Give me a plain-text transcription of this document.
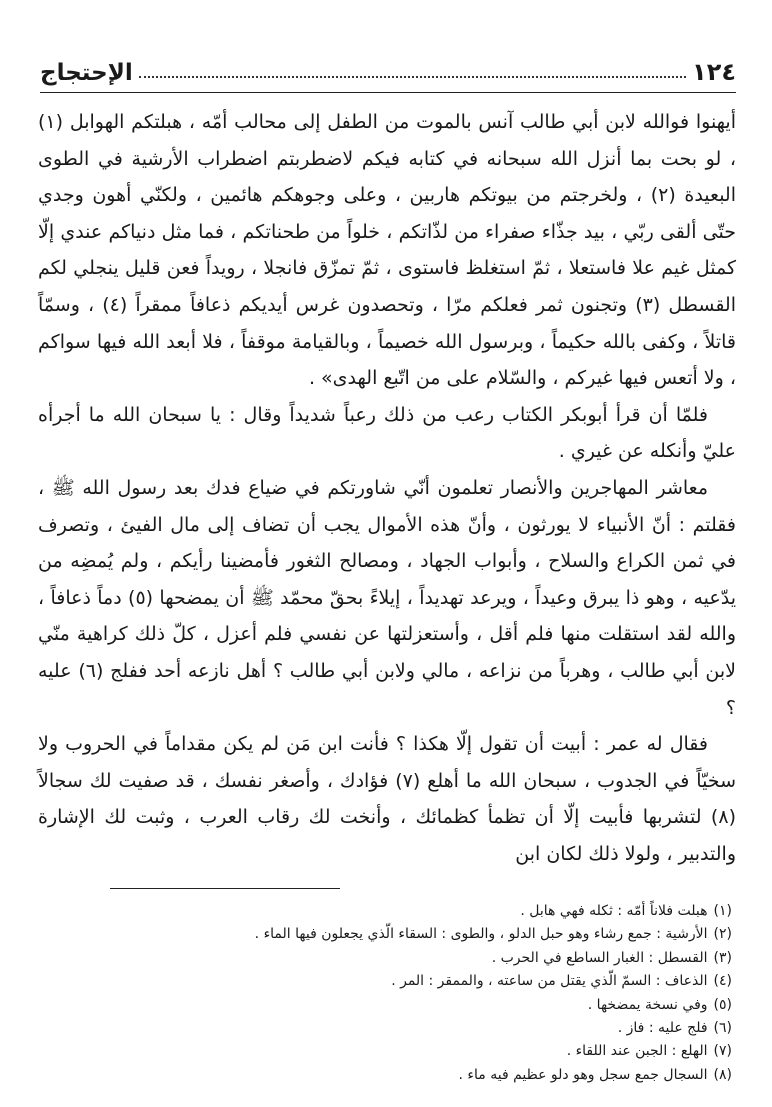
١٢٤
الإحتجاج

أيهنوا فوالله لابن أبي طالب آنس بالموت من الطفل إلى محالب أمّه ، هبلتكم الهوابل (١) ، لو بحت بما أنزل الله سبحانه في كتابه فيكم لاضطربتم اضطراب الأرشية في الطوى البعيدة (٢) ، ولخرجتم من بيوتكم هاربين ، وعلى وجوهكم هائمين ، ولكنّي أهون وجدي حتّى ألقى ربّي ، بيد جذّاء صفراء من لذّاتكم ، خلواً من طحناتكم ، فما مثل دنياكم عندي إلّا كمثل غيم علا فاستعلا ، ثمّ استغلظ فاستوى ، ثمّ تمزّق فانجلا ، رويداً فعن قليل ينجلي لكم القسطل (٣) وتجنون ثمر فعلكم مرّا ، وتحصدون غرس أيديكم ذعافاً ممقراً (٤) ، وسمّاً قاتلاً ، وكفى بالله حكيماً ، وبرسول الله خصيماً ، وبالقيامة موقفاً ، فلا أبعد الله فيها سواكم ، ولا أتعس فيها غيركم ، والسّلام على من اتّبع الهدى» .

فلمّا أن قرأ أبوبكر الكتاب رعب من ذلك رعباً شديداً وقال : يا سبحان الله ما أجرأه عليّ وأنكله عن غيري .

معاشر المهاجرين والأنصار تعلمون أنّي شاورتكم في ضياع فدك بعد رسول الله ﷺ ، فقلتم : أنّ الأنبياء لا يورثون ، وأنّ هذه الأموال يجب أن تضاف إلى مال الفيئ ، وتصرف في ثمن الكراع والسلاح ، وأبواب الجهاد ، ومصالح الثغور فأمضينا رأيكم ، ولم يُمضِه من يدّعيه ، وهو ذا يبرق وعيداً ، ويرعد تهديداً ، إيلاءً بحقّ محمّد ﷺ أن يمضحها (٥) دماً ذعافاً ، والله لقد استقلت منها فلم أقل ، وأستعزلتها عن نفسي فلم أعزل ، كلّ ذلك كراهية منّي لابن أبي طالب ، وهرباً من نزاعه ، مالي ولابن أبي طالب ؟ أهل نازعه أحد ففلج (٦) عليه ؟

فقال له عمر : أبيت أن تقول إلّا هكذا ؟ فأنت ابن مَن لم يكن مقداماً في الحروب ولا سخيّاً في الجدوب ، سبحان الله ما أهلع (٧) فؤادك ، وأصغر نفسك ، قد صفيت لك سجالاً (٨) لتشربها فأبيت إلّا أن تظمأ كظمائك ، وأنخت لك رقاب العرب ، وثبت لك الإشارة والتدبير ، ولولا ذلك لكان ابن

(١)هبلت فلاناً أمّه : ثكله فهي هابل .
(٢)الأرشية : جمع رشاء وهو حبل الدلو ، والطوى : السقاء الّذي يجعلون فيها الماء .
(٣)القسطل : الغبار الساطع في الحرب .
(٤)الذعاف : السمّ الّذي يقتل من ساعته ، والممقر : المر .
(٥)وفي نسخة يمضخها .
(٦)فلج عليه : فاز .
(٧)الهلع : الجبن عند اللقاء .
(٨)السجال جمع سجل وهو دلو عظيم فيه ماء .
